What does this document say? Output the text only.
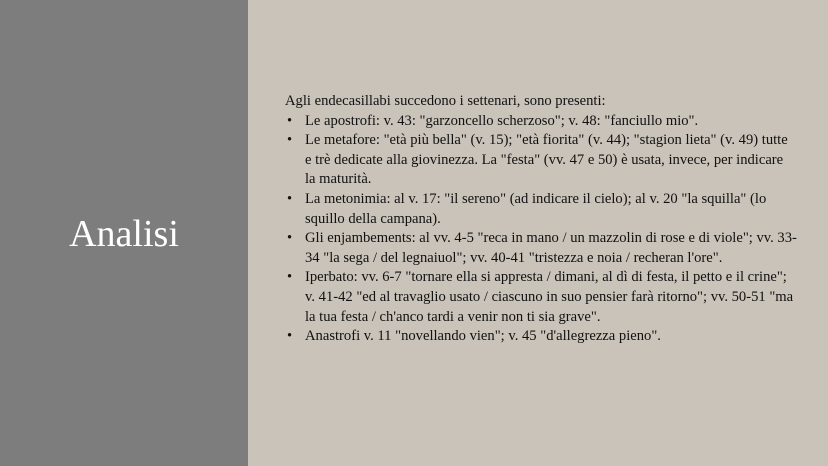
Analisi

Agli endecasillabi succedono i settenari, sono presenti:

• Le apostrofi: v. 43: "garzoncello scherzoso"; v. 48: "fanciullo mio".
• Le metafore: "età più bella" (v. 15); "età fiorita" (v. 44); "stagion lieta" (v. 49) tutte e trè dedicate alla giovinezza. La "festa" (vv. 47 e 50) è usata, invece, per indicare la maturità.
• La metonimia: al v. 17: "il sereno" (ad indicare il cielo); al v. 20 "la squilla" (lo squillo della campana).
• Gli enjambements: al vv. 4-5 "reca in mano / un mazzolin di rose e di viole"; vv. 33-34 "la sega / del legnaiuol"; vv. 40-41 "tristezza e noia / recheran l'ore".
• Iperbato: vv. 6-7 "tornare ella si appresta / dimani, al dì di festa, il petto e il crine"; v. 41-42 "ed al travaglio usato / ciascuno in suo pensier farà ritorno"; vv. 50-51 "ma la tua festa / ch'anco tardi a venir non ti sia grave".
• Anastrofi v. 11 "novellando vien"; v. 45 "d'allegrezza pieno".
